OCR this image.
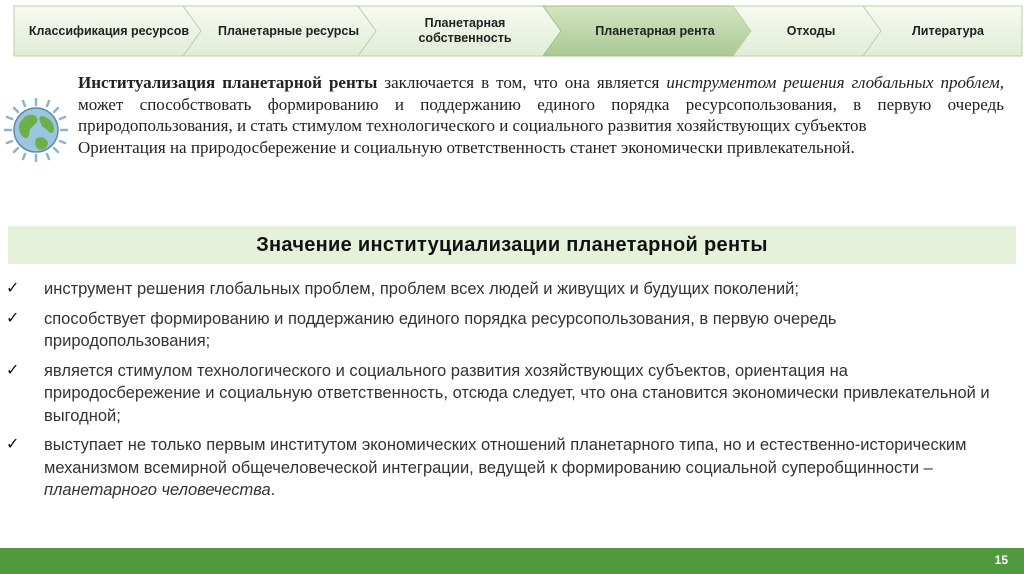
Классификация ресурсов	Планетарные ресурсы
Планетарная собственность
Планетарная рента	Отходы	Литература
Институализация планетарной ренты заключается в том, что она является инструментом решения глобальных проблем, может способствовать формированию и поддержанию единого порядка ресурсопользования, в первую очередь природопользования, и стать стимулом технологического и социального развития хозяйствующих субъектов
Ориентация на природосбережение и социальную ответственность станет экономически привлекательной.
Значение институциализации планетарной ренты
✓ инструмент решения глобальных проблем, проблем всех людей и живущих и будущих поколений;
✓ способствует формированию и поддержанию единого порядка ресурсопользования, в первую очередь природопользования;
✓ является стимулом технологического и социального развития хозяйствующих субъектов, ориентация на природосбережение и социальную ответственность, отсюда следует, что она становится экономически привлекательной и выгодной;
✓ выступает не только первым институтом экономических отношений планетарного типа, но и естественно-историческим механизмом всемирной общечеловеческой интеграции, ведущей к формированию социальной суперобщинности – планетарного человечества.
15
